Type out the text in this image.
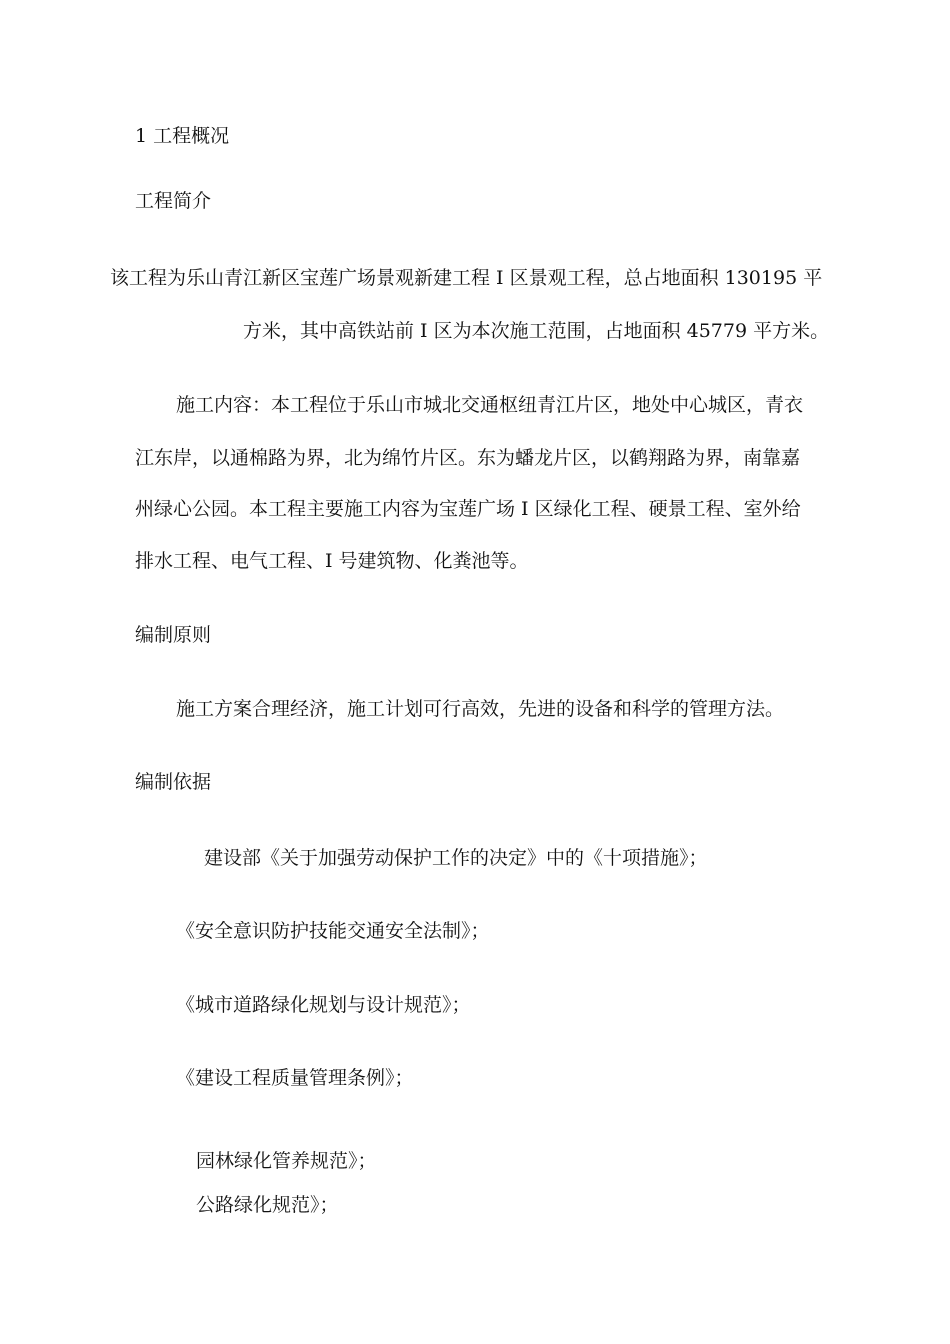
1 工程概况
工程简介
该工程为乐山青江新区宝莲广场景观新建工程 I 区景观工程，总占地面积 130195 平
方米，其中高铁站前 I 区为本次施工范围，占地面积 45779 平方米。
施工内容：本工程位于乐山市城北交通枢纽青江片区，地处中心城区，青衣
江东岸，以通棉路为界，北为绵竹片区。东为蟠龙片区，以鹤翔路为界，南靠嘉
州绿心公园。本工程主要施工内容为宝莲广场 I 区绿化工程、硬景工程、室外给
排水工程、电气工程、I 号建筑物、化粪池等。
编制原则
施工方案合理经济，施工计划可行高效，先进的设备和科学的管理方法。
编制依据
建设部《关于加强劳动保护工作的决定》中的《十项措施》；
《安全意识防护技能交通安全法制》；
《城市道路绿化规划与设计规范》；
《建设工程质量管理条例》；
园林绿化管养规范》；
公路绿化规范》；
